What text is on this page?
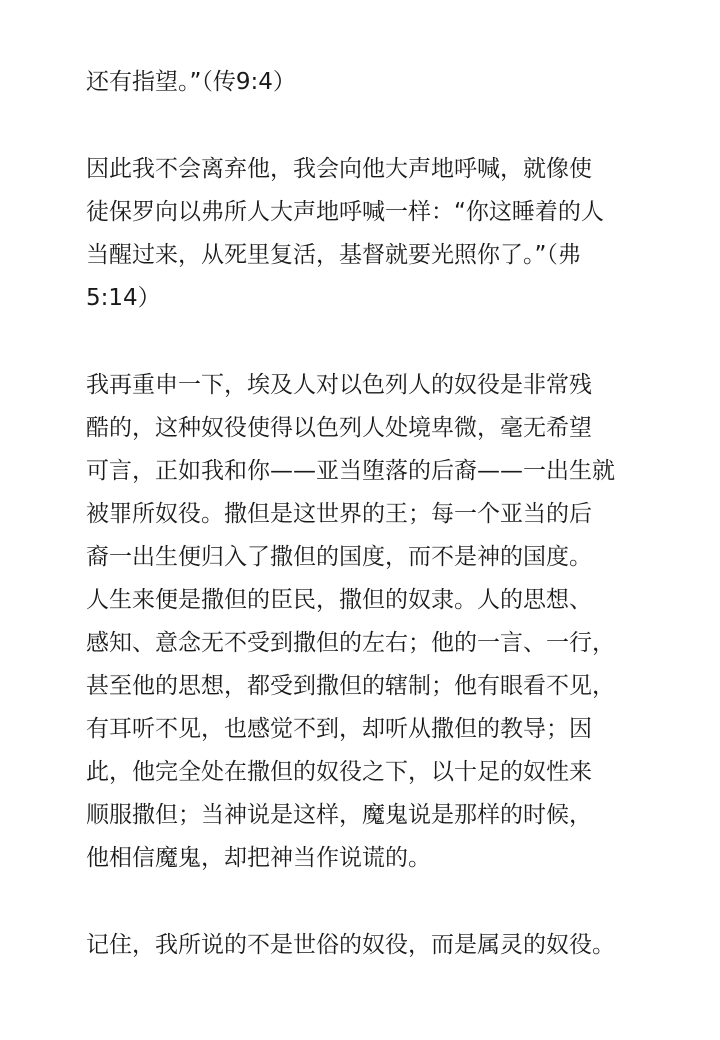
还有指望。”（传9:4）
因此我不会离弃他，我会向他大声地呼喊，就像使
徒保罗向以弗所人大声地呼喊一样：“你这睡着的人
当醒过来，从死里复活，基督就要光照你了。”（弗
5:14）
我再重申一下，埃及人对以色列人的奴役是非常残
酷的，这种奴役使得以色列人处境卑微，毫无希望
可言，正如我和你——亚当堕落的后裔——一出生就
被罪所奴役。撒但是这世界的王；每一个亚当的后
裔一出生便归入了撒但的国度，而不是神的国度。
人生来便是撒但的臣民，撒但的奴隶。人的思想、
感知、意念无不受到撒但的左右；他的一言、一行，
甚至他的思想，都受到撒但的辖制；他有眼看不见，
有耳听不见，也感觉不到，却听从撒但的教导；因
此，他完全处在撒但的奴役之下，以十足的奴性来
顺服撒但；当神说是这样，魔鬼说是那样的时候，
他相信魔鬼，却把神当作说谎的。
记住，我所说的不是世俗的奴役，而是属灵的奴役。
